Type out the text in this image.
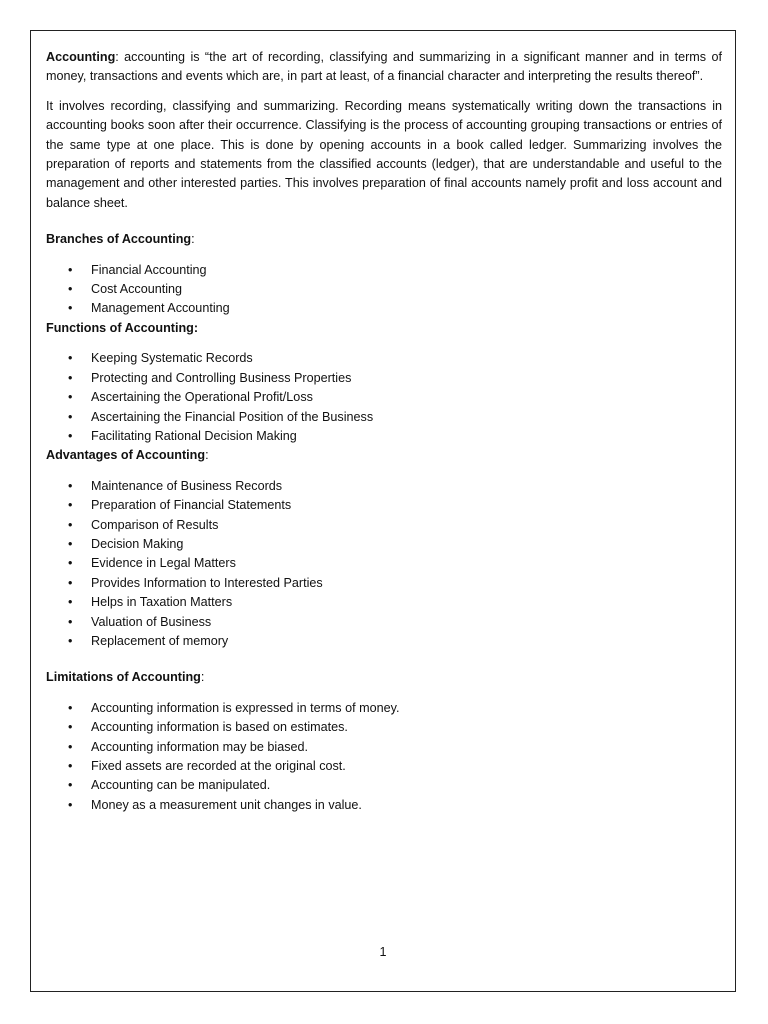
Accounting: accounting is “the art of recording, classifying and summarizing in a significant manner and in terms of money, transactions and events which are, in part at least, of a financial character and interpreting the results thereof”.

It involves recording, classifying and summarizing. Recording means systematically writing down the transactions in accounting books soon after their occurrence. Classifying is the process of accounting grouping transactions or entries of the same type at one place. This is done by opening accounts in a book called ledger. Summarizing involves the preparation of reports and statements from the classified accounts (ledger), that are understandable and useful to the management and other interested parties. This involves preparation of final accounts namely profit and loss account and balance sheet.

Branches of Accounting:
• Financial Accounting
• Cost Accounting
• Management Accounting
Functions of Accounting:
• Keeping Systematic Records
• Protecting and Controlling Business Properties
• Ascertaining the Operational Profit/Loss
• Ascertaining the Financial Position of the Business
• Facilitating Rational Decision Making
Advantages of Accounting:
• Maintenance of Business Records
• Preparation of Financial Statements
• Comparison of Results
• Decision Making
• Evidence in Legal Matters
• Provides Information to Interested Parties
• Helps in Taxation Matters
• Valuation of Business
• Replacement of memory
Limitations of Accounting:
• Accounting information is expressed in terms of money.
• Accounting information is based on estimates.
• Accounting information may be biased.
• Fixed assets are recorded at the original cost.
• Accounting can be manipulated.
• Money as a measurement unit changes in value.
1
